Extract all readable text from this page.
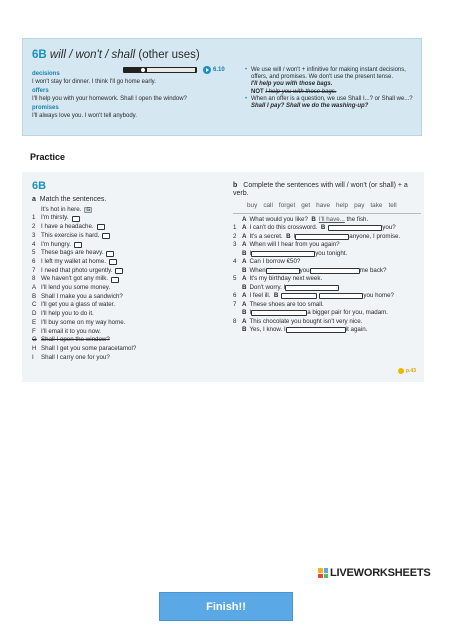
6B will / won't / shall (other uses)
6.10
decisions
I won't stay for dinner. I think I'll go home early.
offers
I'll help you with your homework. Shall I open the window?
promises
I'll always love you. I won't tell anybody.
• We use will / won't + infinitive for making instant decisions, offers, and promises. We don't use the present tense.
I'll help you with those bags.
NOT I help you with those bags.
• When an offer is a question, we use Shall I...? or Shall we...?
Shall I pay? Shall we do the washing-up?
Practice
6B
a Match the sentences.
It's hot in here.	G
1 I'm thirsty.
2 I have a headache.
3 This exercise is hard.
4 I'm hungry.
5 These bags are heavy.
6 I left my wallet at home.
7 I need that photo urgently.
8 We haven't got any milk.
A I'll lend you some money.
B Shall I make you a sandwich?
C I'll get you a glass of water.
D I'll help you to do it.
E I'll buy some on my way home.
F I'll email it to you now.
G Shall I open the window?
H Shall I get you some paracetamol?
I	Shall I carry one for you?
b Complete the sentences with will / won't (or shall) + a verb.
buy call forget get have help pay take tell
A What would you like?
B I'll have...
the fish.
1 A I can't do this crossword.
B	you?
2 A It's a secret.
B	anyone, I promise.
3 A When will I hear from you again?
B	you tonight.
4 A Can I borrow €50?
B When	you	me back?
5 A It's my birthday next week.
B Don't worry. I
6 A I feel ill.
B	you home?
7 A These shoes are too small.
B	a bigger pair for you, madam.
8 A This chocolate you bought isn't very nice.
B Yes, I know. I	it again.
p.43
LIVEWORKSHEETS
Finish!!
